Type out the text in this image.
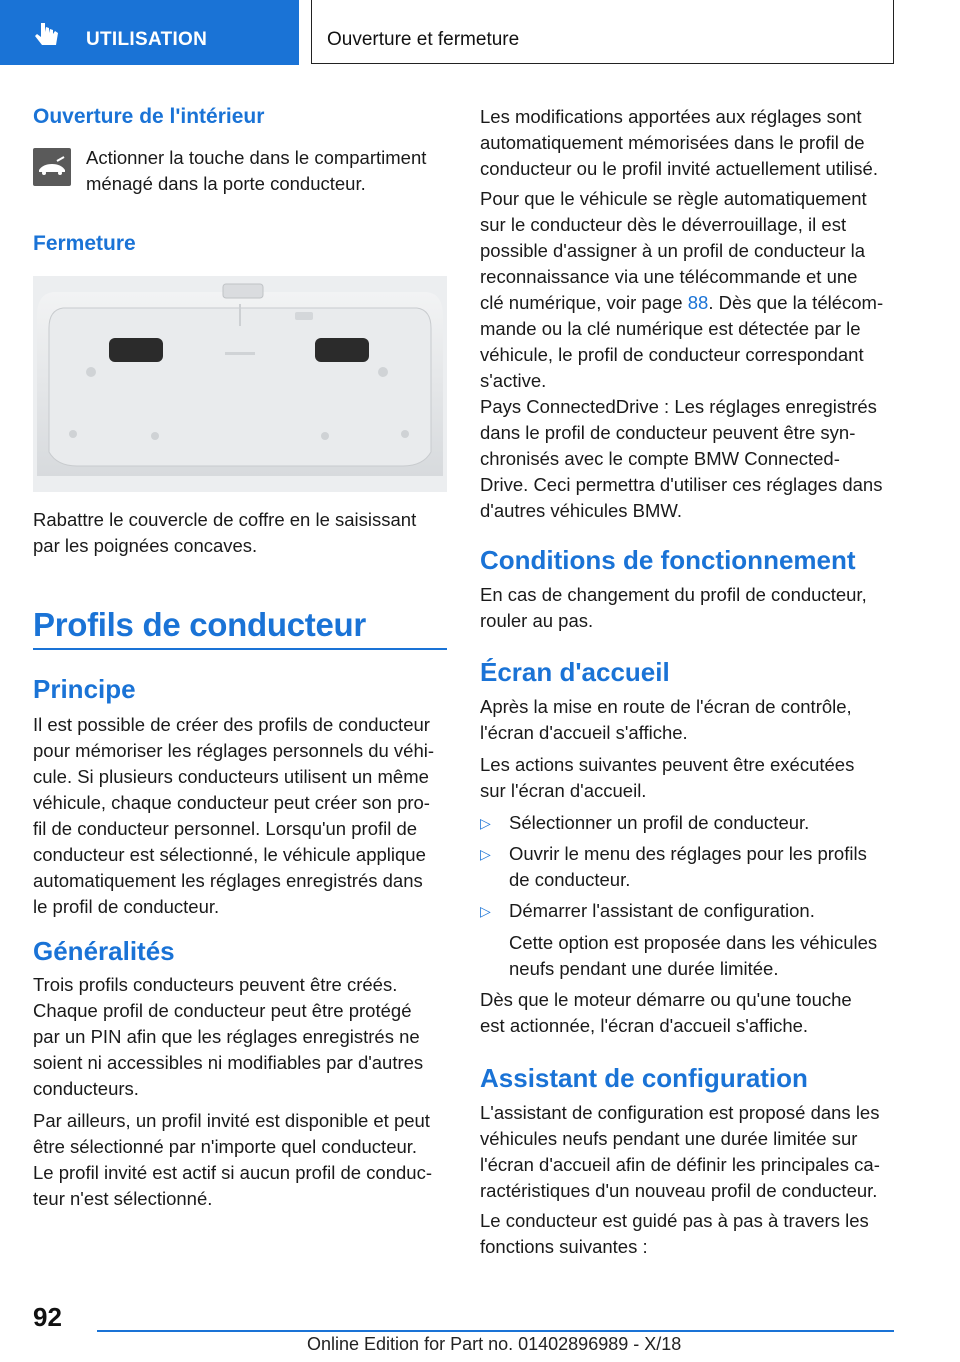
UTILISATION	Ouverture et fermeture
Ouverture de l'intérieur

Actionner la touche dans le compartiment

ménagé dans la porte conducteur.

Fermeture

Rabattre le couvercle de coffre en le saisissant

par les poignées concaves.

Profils de conducteur
Principe

Il est possible de créer des profils de conducteur

pour mémoriser les réglages personnels du véhi-

cule. Si plusieurs conducteurs utilisent un même

véhicule, chaque conducteur peut créer son pro-

fil de conducteur personnel. Lorsqu'un profil de

conducteur est sélectionné, le véhicule applique

automatiquement les réglages enregistrés dans

le profil de conducteur.

Généralités

Trois profils conducteurs peuvent être créés.

Chaque profil de conducteur peut être protégé

par un PIN afin que les réglages enregistrés ne

soient ni accessibles ni modifiables par d'autres

conducteurs.

Par ailleurs, un profil invité est disponible et peut

être sélectionné par n'importe quel conducteur.

Le profil invité est actif si aucun profil de conduc-

teur n'est sélectionné.

Les modifications apportées aux réglages sont

automatiquement mémorisées dans le profil de

conducteur ou le profil invité actuellement utilisé.

Pour que le véhicule se règle automatiquement

sur le conducteur dès le déverrouillage, il est

possible d'assigner à un profil de conducteur la

reconnaissance via une télécommande et une

clé numérique, voir page 88. Dès que la télécom-

mande ou la clé numérique est détectée par le

véhicule, le profil de conducteur correspondant

s'active.

Pays ConnectedDrive : Les réglages enregistrés

dans le profil de conducteur peuvent être syn-

chronisés avec le compte BMW Connected-

Drive. Ceci permettra d'utiliser ces réglages dans

d'autres véhicules BMW.

Conditions de fonctionnement

En cas de changement du profil de conducteur,

rouler au pas.

Écran d'accueil

Après la mise en route de l'écran de contrôle,

l'écran d'accueil s'affiche.

Les actions suivantes peuvent être exécutées

sur l'écran d'accueil.

▷ Sélectionner un profil de conducteur.

▷ Ouvrir le menu des réglages pour les profils

de conducteur.

▷ Démarrer l'assistant de configuration.

Cette option est proposée dans les véhicules

neufs pendant une durée limitée.

Dès que le moteur démarre ou qu'une touche

est actionnée, l'écran d'accueil s'affiche.

Assistant de configuration

L'assistant de configuration est proposé dans les

véhicules neufs pendant une durée limitée sur

l'écran d'accueil afin de définir les principales ca-

ractéristiques d'un nouveau profil de conducteur.

Le conducteur est guidé pas à pas à travers les

fonctions suivantes :

92
Online Edition for Part no. 01402896989 - X/18
